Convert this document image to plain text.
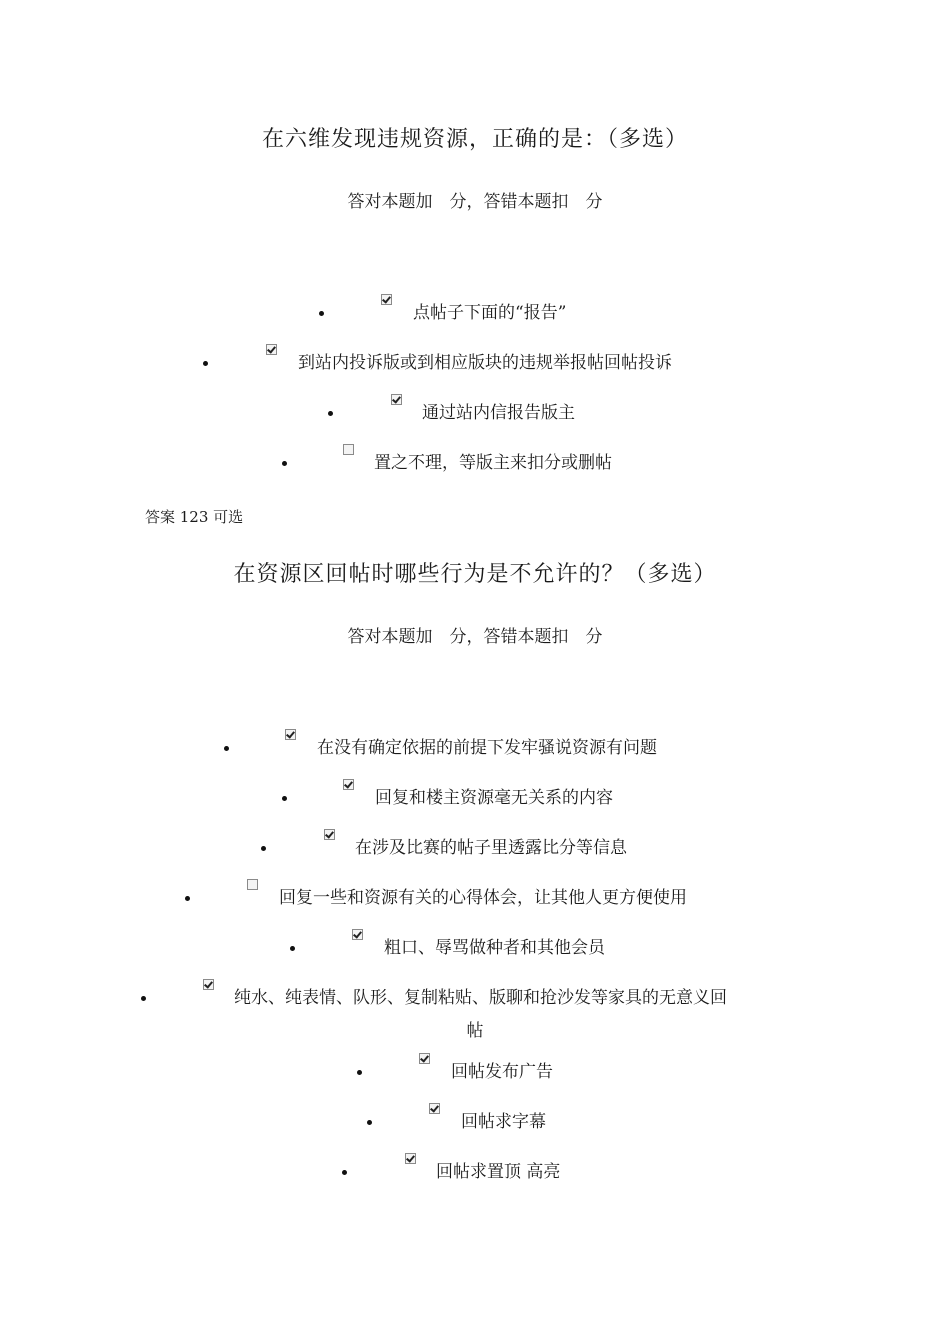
在六维发现违规资源，正确的是：（多选）
答对本题加　分，答错本题扣　分
点帖子下面的“报告”
到站内投诉版或到相应版块的违规举报帖回帖投诉
通过站内信报告版主
置之不理，等版主来扣分或删帖
答案 123 可选
在资源区回帖时哪些行为是不允许的？（多选）
答对本题加　分，答错本题扣　分
在没有确定依据的前提下发牢骚说资源有问题
回复和楼主资源毫无关系的内容
在涉及比赛的帖子里透露比分等信息
回复一些和资源有关的心得体会，让其他人更方便使用
粗口、辱骂做种者和其他会员
纯水、纯表情、队形、复制粘贴、版聊和抢沙发等家具的无意义回
帖
回帖发布广告
回帖求字幕
回帖求置顶 高亮
